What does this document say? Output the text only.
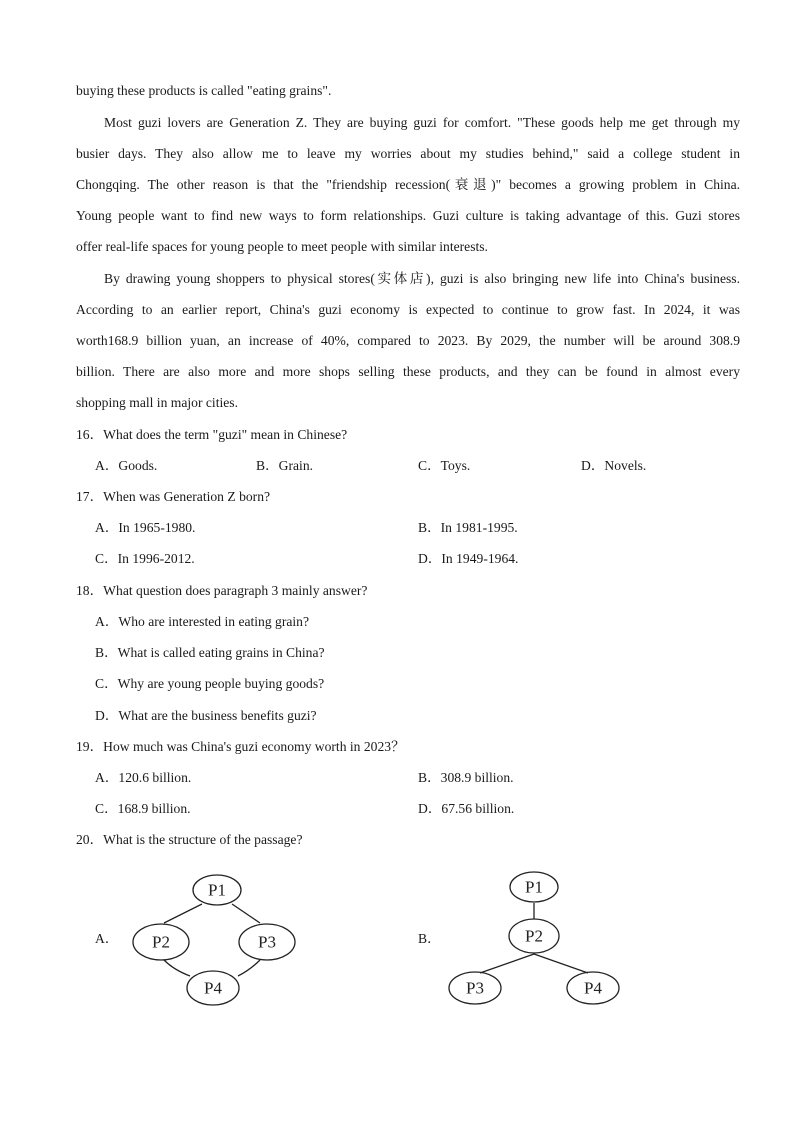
buying these products is called "eating grains".
Most guzi lovers are Generation Z. They are buying guzi for comfort. "These goods help me get through my
busier days. They also allow me to leave my worries about my studies behind," said a college student in
Chongqing. The other reason is that the "friendship recession(衰退)" becomes a growing problem in China.
Young people want to find new ways to form relationships. Guzi culture is taking advantage of this. Guzi stores
offer real-life spaces for young people to meet people with similar interests.
By drawing young shoppers to physical stores(实体店), guzi is also bringing new life into China's business.
According to an earlier report, China's guzi economy is expected to continue to grow fast. In 2024, it was
worth168.9 billion yuan, an increase of 40%, compared to 2023. By 2029, the number will be around 308.9
billion. There are also more and more shops selling these products, and they can be found in almost every
shopping mall in major cities.
16．What does the term "guzi" mean in Chinese?
A．Goods.	B．Grain.	C．Toys.	D．Novels.
17．When was Generation Z born?
A．In 1965-1980.	B．In 1981-1995.
C．In 1996-2012.	D．In 1949-1964.
18．What question does paragraph 3 mainly answer?
A．Who are interested in eating grain?
B．What is called eating grains in China?
C．Why are young people buying goods?
D．What are the business benefits guzi?
19．How much was China's guzi economy worth in 2023？
A．120.6 billion.	B．308.9 billion.
C．168.9 billion.	D．67.56 billion.
20．What is the structure of the passage?
A．	B．
P1
P2	P3
P4
P1
P2
P3	P4
